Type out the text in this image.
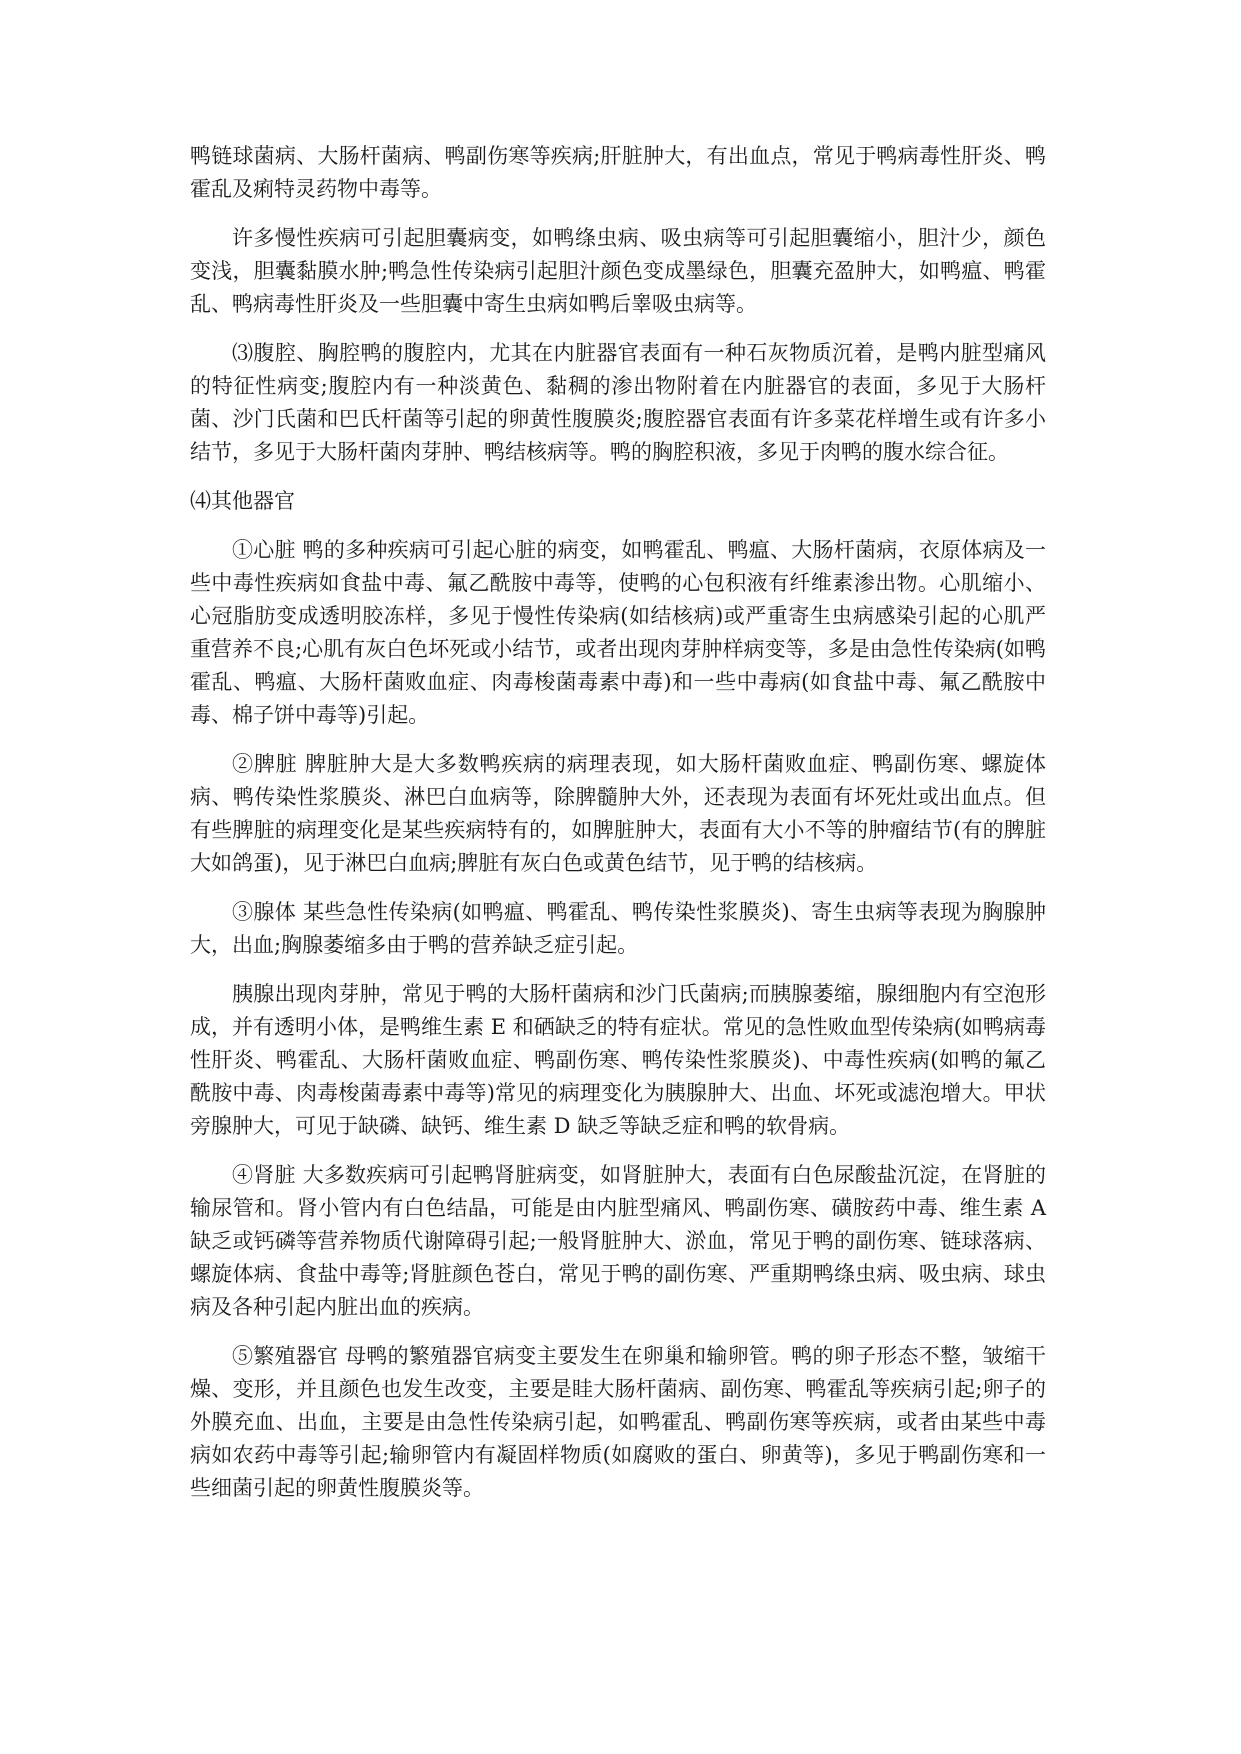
鸭链球菌病、大肠杆菌病、鸭副伤寒等疾病;肝脏肿大，有出血点，常见于鸭病毒性肝炎、鸭霍乱及痢特灵药物中毒等。

许多慢性疾病可引起胆囊病变，如鸭绦虫病、吸虫病等可引起胆囊缩小，胆汁少，颜色变浅，胆囊黏膜水肿;鸭急性传染病引起胆汁颜色变成墨绿色，胆囊充盈肿大，如鸭瘟、鸭霍乱、鸭病毒性肝炎及一些胆囊中寄生虫病如鸭后睾吸虫病等。

⑶腹腔、胸腔鸭的腹腔内，尤其在内脏器官表面有一种石灰物质沉着，是鸭内脏型痛风的特征性病变;腹腔内有一种淡黄色、黏稠的渗出物附着在内脏器官的表面，多见于大肠杆菌、沙门氏菌和巴氏杆菌等引起的卵黄性腹膜炎;腹腔器官表面有许多菜花样增生或有许多小结节，多见于大肠杆菌肉芽肿、鸭结核病等。鸭的胸腔积液，多见于肉鸭的腹水综合征。

⑷其他器官

①心脏 鸭的多种疾病可引起心脏的病变，如鸭霍乱、鸭瘟、大肠杆菌病，衣原体病及一些中毒性疾病如食盐中毒、氟乙酰胺中毒等，使鸭的心包积液有纤维素渗出物。心肌缩小、心冠脂肪变成透明胶冻样，多见于慢性传染病(如结核病)或严重寄生虫病感染引起的心肌严重营养不良;心肌有灰白色坏死或小结节，或者出现肉芽肿样病变等，多是由急性传染病(如鸭霍乱、鸭瘟、大肠杆菌败血症、肉毒梭菌毒素中毒)和一些中毒病(如食盐中毒、氟乙酰胺中毒、棉子饼中毒等)引起。

②脾脏 脾脏肿大是大多数鸭疾病的病理表现，如大肠杆菌败血症、鸭副伤寒、螺旋体病、鸭传染性浆膜炎、淋巴白血病等，除脾髓肿大外，还表现为表面有坏死灶或出血点。但有些脾脏的病理变化是某些疾病特有的，如脾脏肿大，表面有大小不等的肿瘤结节(有的脾脏大如鸽蛋)，见于淋巴白血病;脾脏有灰白色或黄色结节，见于鸭的结核病。

③腺体 某些急性传染病(如鸭瘟、鸭霍乱、鸭传染性浆膜炎)、寄生虫病等表现为胸腺肿大，出血;胸腺萎缩多由于鸭的营养缺乏症引起。

胰腺出现肉芽肿，常见于鸭的大肠杆菌病和沙门氏菌病;而胰腺萎缩，腺细胞内有空泡形成，并有透明小体，是鸭维生素 E 和硒缺乏的特有症状。常见的急性败血型传染病(如鸭病毒性肝炎、鸭霍乱、大肠杆菌败血症、鸭副伤寒、鸭传染性浆膜炎)、中毒性疾病(如鸭的氟乙酰胺中毒、肉毒梭菌毒素中毒等)常见的病理变化为胰腺肿大、出血、坏死或滤泡增大。甲状旁腺肿大，可见于缺磷、缺钙、维生素 D 缺乏等缺乏症和鸭的软骨病。

④肾脏 大多数疾病可引起鸭肾脏病变，如肾脏肿大，表面有白色尿酸盐沉淀，在肾脏的输尿管和。肾小管内有白色结晶，可能是由内脏型痛风、鸭副伤寒、磺胺药中毒、维生素 A 缺乏或钙磷等营养物质代谢障碍引起;一般肾脏肿大、淤血，常见于鸭的副伤寒、链球落病、螺旋体病、食盐中毒等;肾脏颜色苍白，常见于鸭的副伤寒、严重期鸭绦虫病、吸虫病、球虫病及各种引起内脏出血的疾病。

⑤繁殖器官 母鸭的繁殖器官病变主要发生在卵巢和输卵管。鸭的卵子形态不整，皱缩干燥、变形，并且颜色也发生改变，主要是眭大肠杆菌病、副伤寒、鸭霍乱等疾病引起;卵子的外膜充血、出血，主要是由急性传染病引起，如鸭霍乱、鸭副伤寒等疾病，或者由某些中毒病如农药中毒等引起;输卵管内有凝固样物质(如腐败的蛋白、卵黄等)，多见于鸭副伤寒和一些细菌引起的卵黄性腹膜炎等。
